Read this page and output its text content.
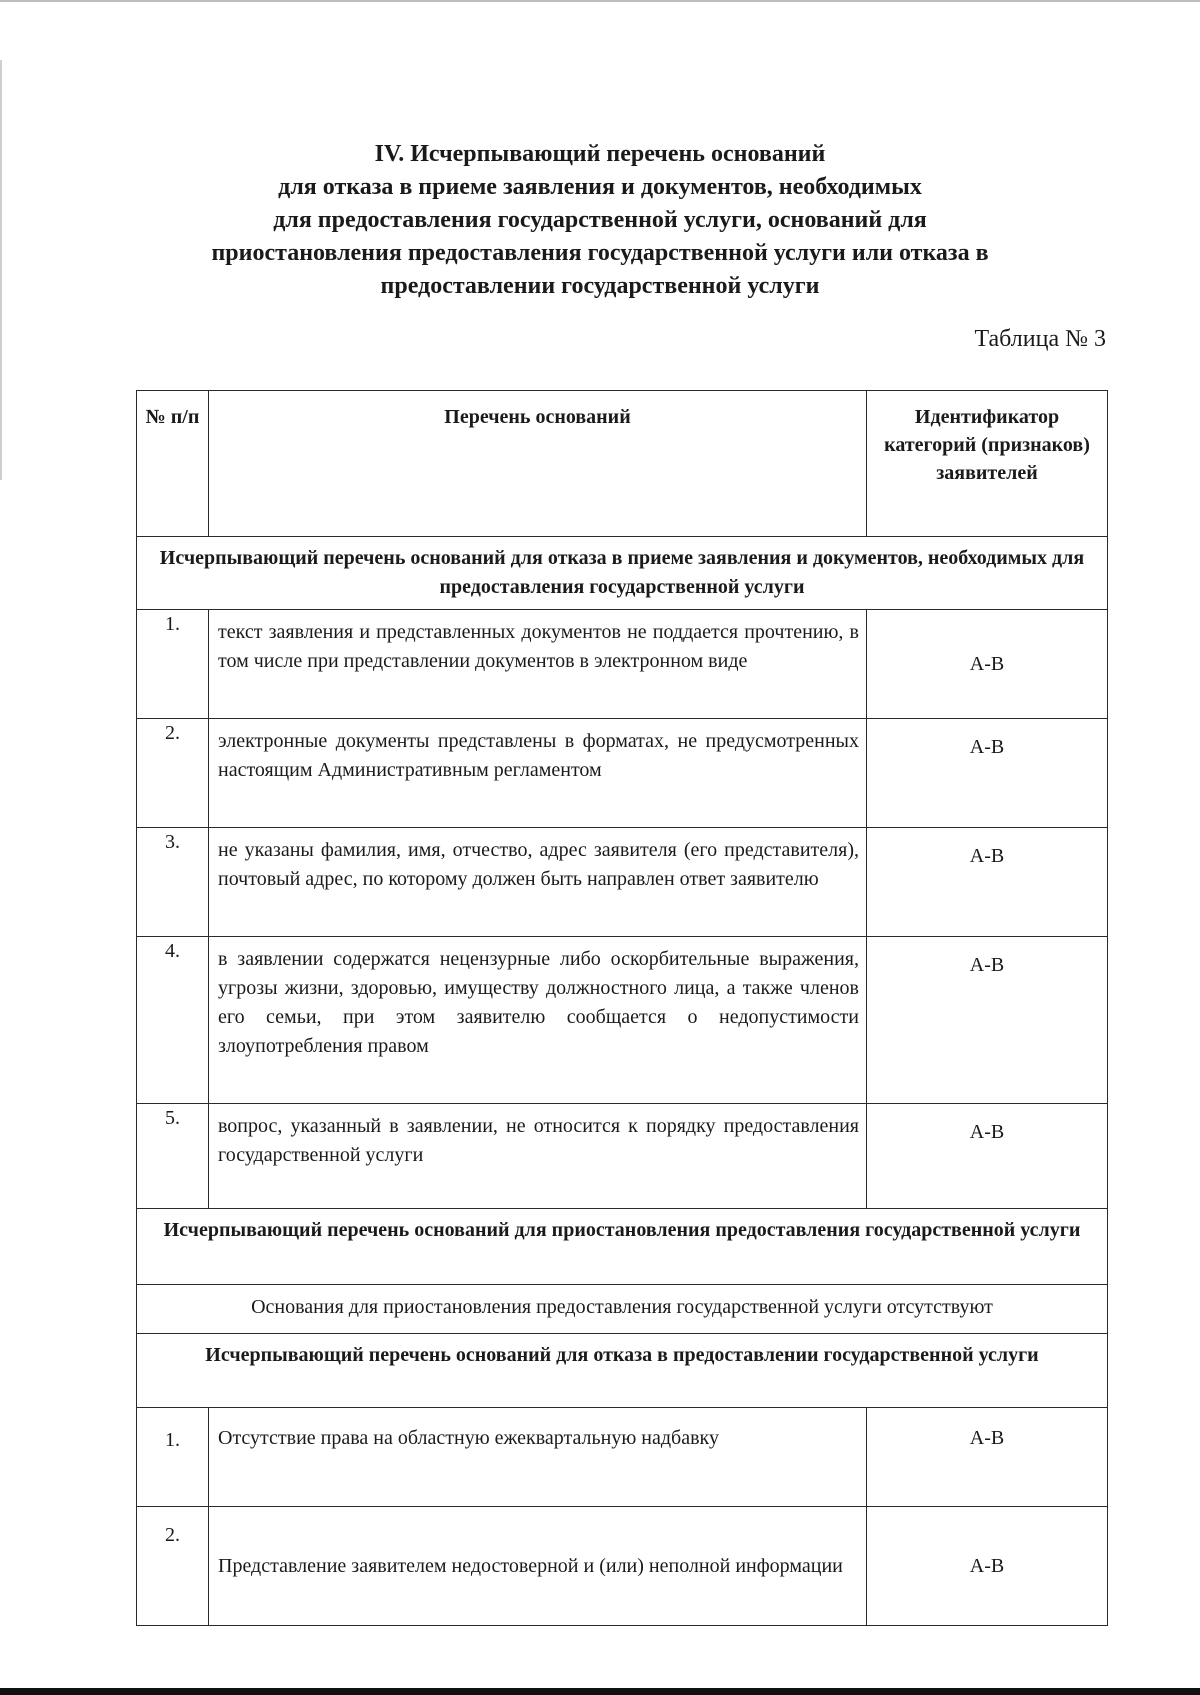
IV. Исчерпывающий перечень оснований
для отказа в приеме заявления и документов, необходимых
для предоставления государственной услуги, оснований для
приостановления предоставления государственной услуги или отказа в
предоставлении государственной услуги
Таблица № 3
№ п/п	Перечень оснований	Идентификатор категорий (признаков) заявителей
Исчерпывающий перечень оснований для отказа в приеме заявления и документов, необходимых для предоставления государственной услуги		
1.	текст заявления и представленных документов не поддается прочтению, в том числе при представлении документов в электронном виде	А-В
2.	электронные документы представлены в форматах, не предусмотренных настоящим Административным регламентом	А-В
3.	не указаны фамилия, имя, отчество, адрес заявителя (его представителя), почтовый адрес, по которому должен быть направлен ответ заявителю	А-В
4.	в заявлении содержатся нецензурные либо оскорбительные выражения, угрозы жизни, здоровью, имуществу должностного лица, а также членов его семьи, при этом заявителю сообщается о недопустимости злоупотребления правом	А-В
5.	вопрос, указанный в заявлении, не относится к порядку предоставления государственной услуги	А-В
Исчерпывающий перечень оснований для приостановления предоставления государственной услуги		
Основания для приостановления предоставления государственной услуги отсутствуют		
Исчерпывающий перечень оснований для отказа в предоставлении государственной услуги		
1.	Отсутствие права на областную ежеквартальную надбавку	А-В
2.	Представление заявителем недостоверной и (или) неполной информации	А-В
